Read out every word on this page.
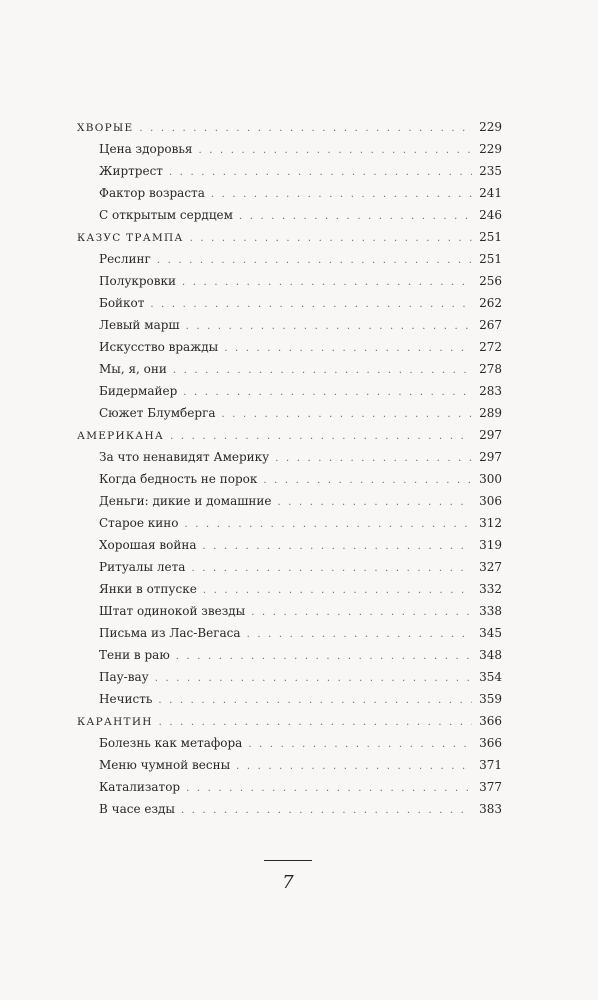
ХВОРЫЕ . . .	229
Цена здоровья . . .	229
Жиртрест . . .	235
Фактор возраста . . .	241
С открытым сердцем . . .	246
КАЗУС ТРАМПА . . .	251
Реслинг . . .	251
Полукровки . . .	256
Бойкот . . .	262
Левый марш . . .	267
Искусство вражды . . .	272
Мы, я, они . . .	278
Бидермайер . . .	283
Сюжет Блумберга . . .	289
АМЕРИКАНА . . .	297
За что ненавидят Америку . . .	297
Когда бедность не порок . . .	300
Деньги: дикие и домашние . . .	306
Старое кино . . .	312
Хорошая война . . .	319
Ритуалы лета . . .	327
Янки в отпуске . . .	332
Штат одинокой звезды . . .	338
Письма из Лас-Вегаса . . .	345
Тени в раю . . .	348
Пау-вау . . .	354
Нечисть . . .	359
КАРАНТИН . . .	366
Болезнь как метафора . . .	366
Меню чумной весны . . .	371
Катализатор . . .	377
В часе езды . . .	383
7
